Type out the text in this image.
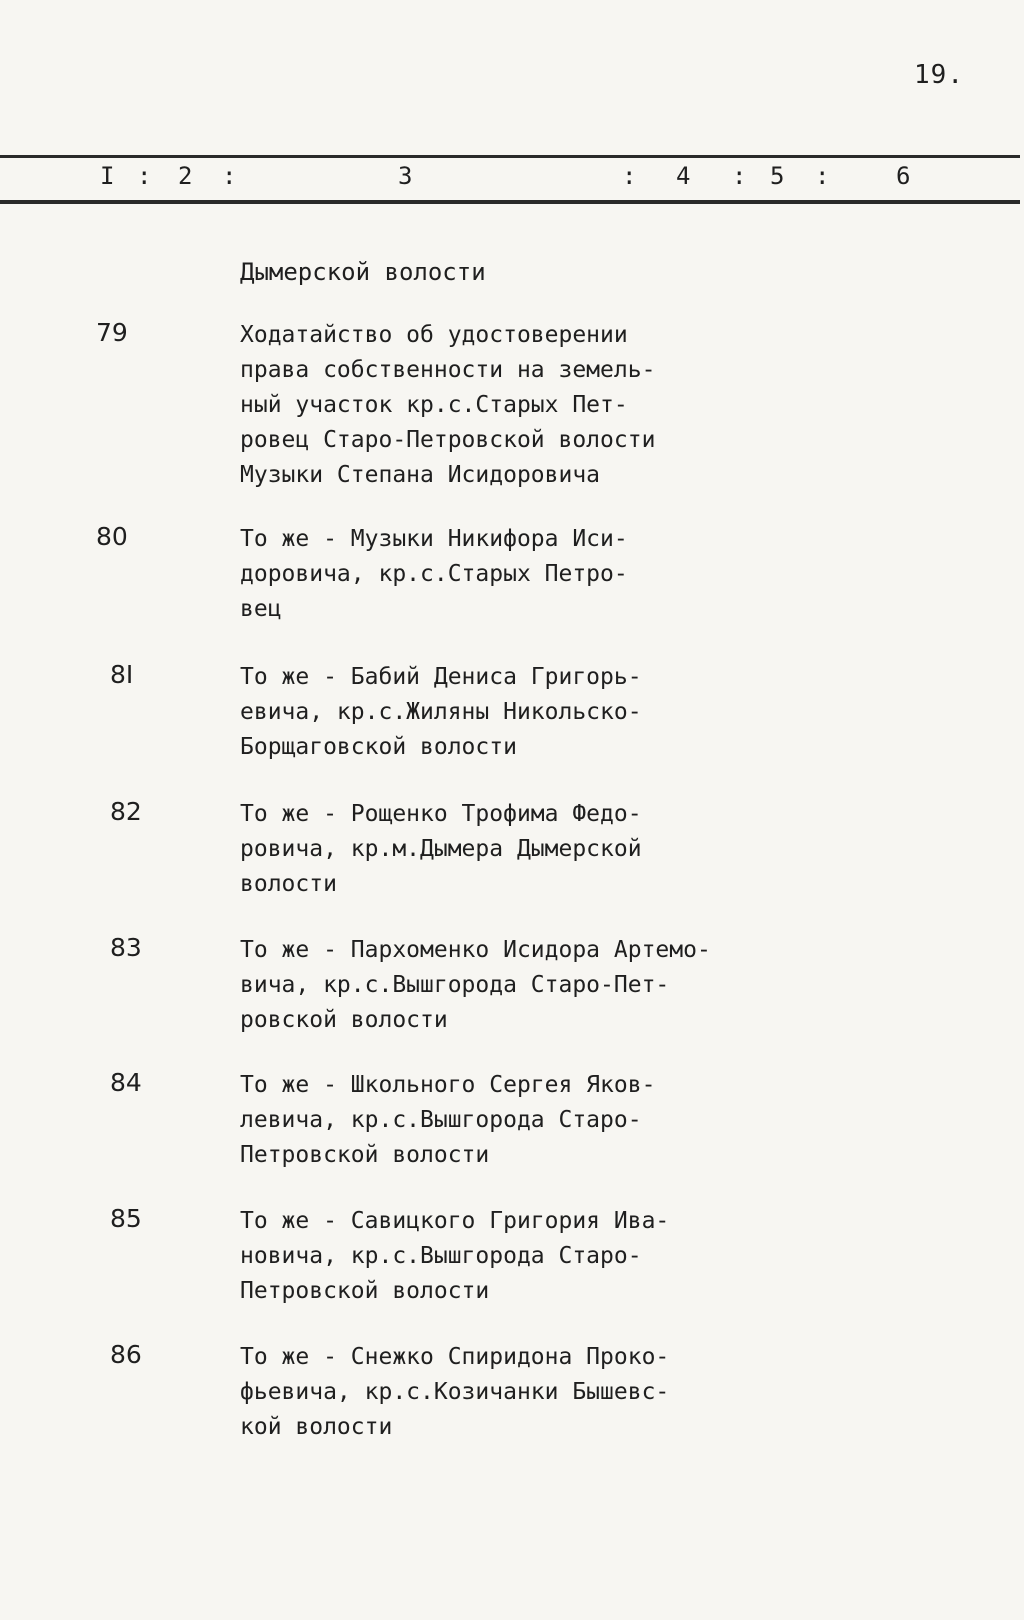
19.
I : 2 :	3	: 4 : 5 :	6
Дымерской волости
79	Ходатайство об удостоверении
права собственности на земель-
ный участок кр.с.Старых Пет-
ровец Старо-Петровской волости
Музыки Степана Исидоровича
80	То же - Музыки Никифора Иси-
доровича, кр.с.Старых Петро-
вец
8I	То же - Бабий Дениса Григорь-
евича, кр.с.Жиляны Никольско-
Борщаговской волости
82	То же - Рощенко Трофима Федо-
ровича, кр.м.Дымера Дымерской
волости
83	То же - Пархоменко Исидора Артемо-
вича, кр.с.Вышгорода Старо-Пет-
ровской волости
84	То же - Школьного Сергея Яков-
левича, кр.с.Вышгорода Старо-
Петровской волости
85	То же - Савицкого Григория Ива-
новича, кр.с.Вышгорода Старо-
Петровской волости
86	То же - Снежко Спиридона Проко-
фьевича, кр.с.Козичанки Бышевс-
кой волости
